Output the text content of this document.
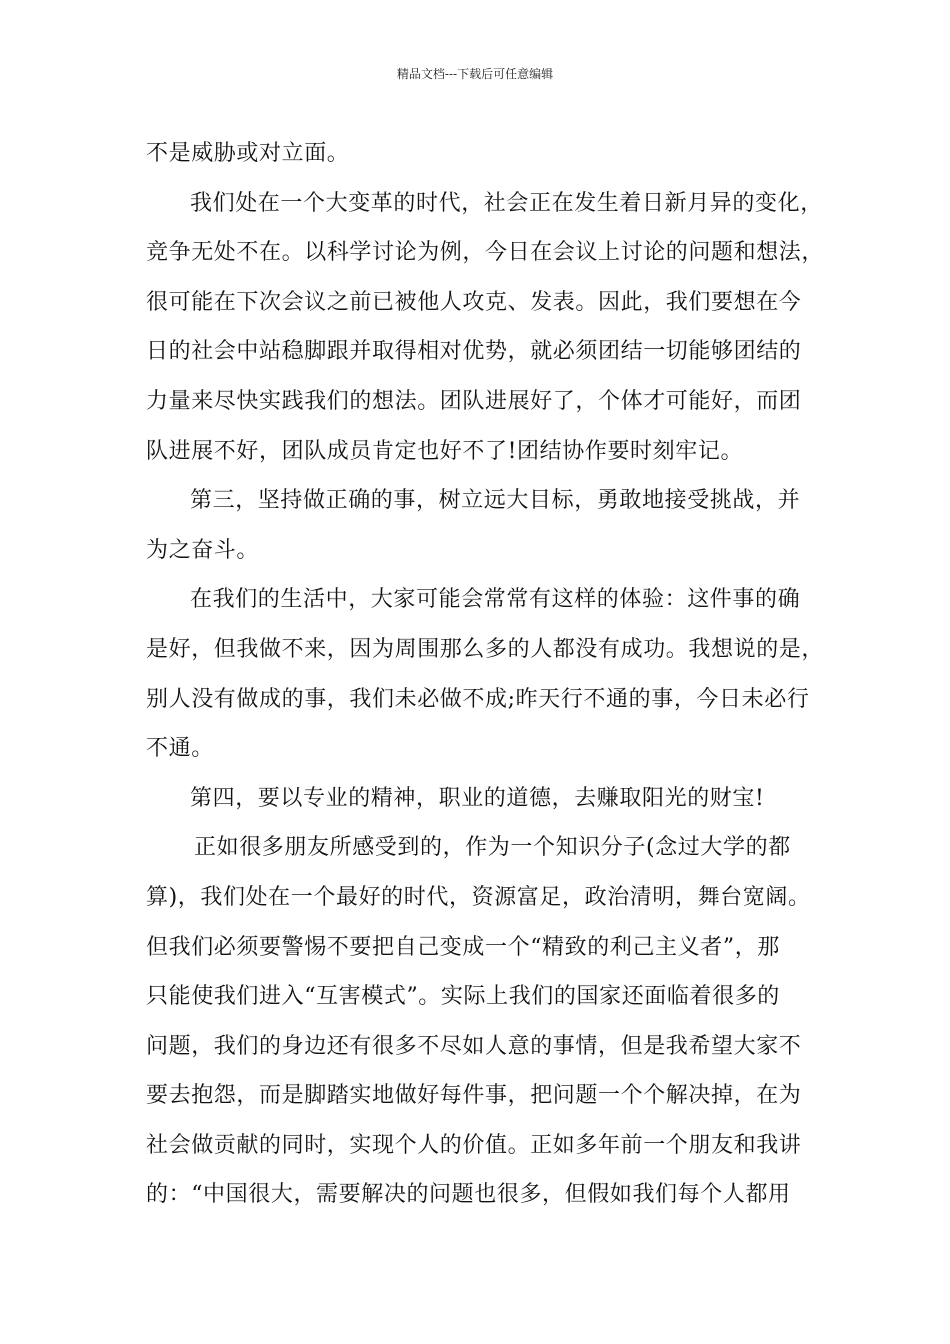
精品文档---下载后可任意编辑
不是威胁或对立面。
我们处在一个大变革的时代，社会正在发生着日新月异的变化，
竞争无处不在。以科学讨论为例，今日在会议上讨论的问题和想法，
很可能在下次会议之前已被他人攻克、发表。因此，我们要想在今
日的社会中站稳脚跟并取得相对优势，就必须团结一切能够团结的
力量来尽快实践我们的想法。团队进展好了，个体才可能好，而团
队进展不好，团队成员肯定也好不了!团结协作要时刻牢记。
第三，坚持做正确的事，树立远大目标，勇敢地接受挑战，并
为之奋斗。
在我们的生活中，大家可能会常常有这样的体验：这件事的确
是好，但我做不来，因为周围那么多的人都没有成功。我想说的是，
别人没有做成的事，我们未必做不成;昨天行不通的事，今日未必行
不通。
第四，要以专业的精神，职业的道德，去赚取阳光的财宝!
正如很多朋友所感受到的，作为一个知识分子(念过大学的都
算)，我们处在一个最好的时代，资源富足，政治清明，舞台宽阔。
但我们必须要警惕不要把自己变成一个“精致的利己主义者”，那
只能使我们进入“互害模式”。实际上我们的国家还面临着很多的
问题，我们的身边还有很多不尽如人意的事情，但是我希望大家不
要去抱怨，而是脚踏实地做好每件事，把问题一个个解决掉，在为
社会做贡献的同时，实现个人的价值。正如多年前一个朋友和我讲
的：“中国很大，需要解决的问题也很多，但假如我们每个人都用
